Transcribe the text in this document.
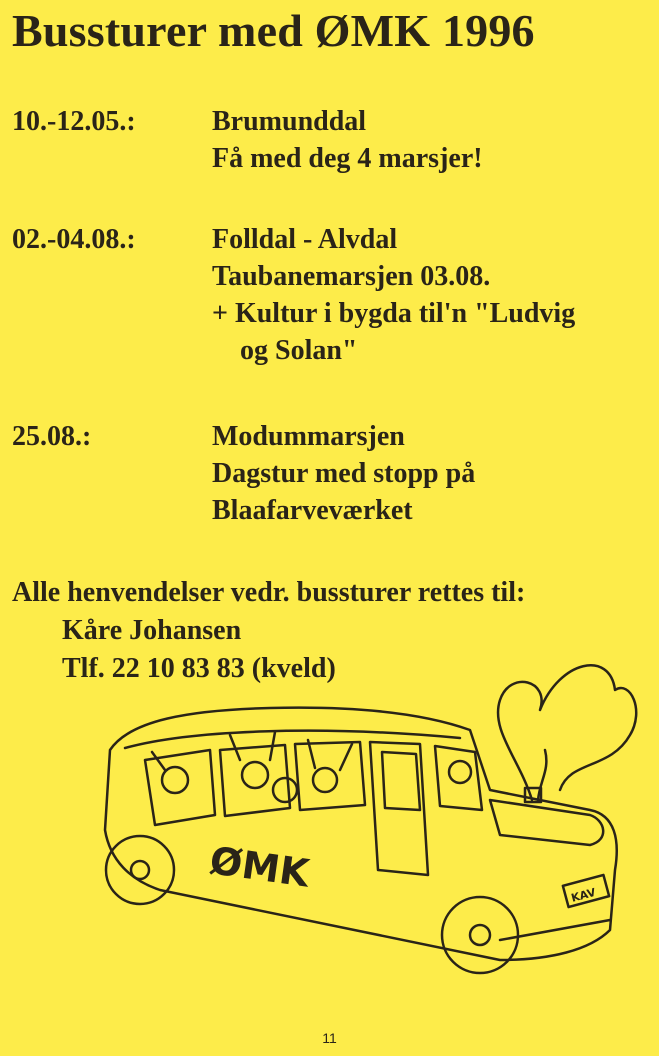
Bussturer med ØMK 1996
10.-12.05.:	Brumunddal
Få med deg 4 marsjer!
02.-04.08.:	Folldal - Alvdal
Taubanemarsjen 03.08.
+ Kultur i bygda til'n "Ludvig
og Solan"
25.08.:	Modummarsjen
Dagstur med stopp på
Blaafarveværket
Alle henvendelser vedr. bussturer rettes til:
Kåre Johansen
Tlf. 22 10 83 83 (kveld)
KAV
ØMK
11
